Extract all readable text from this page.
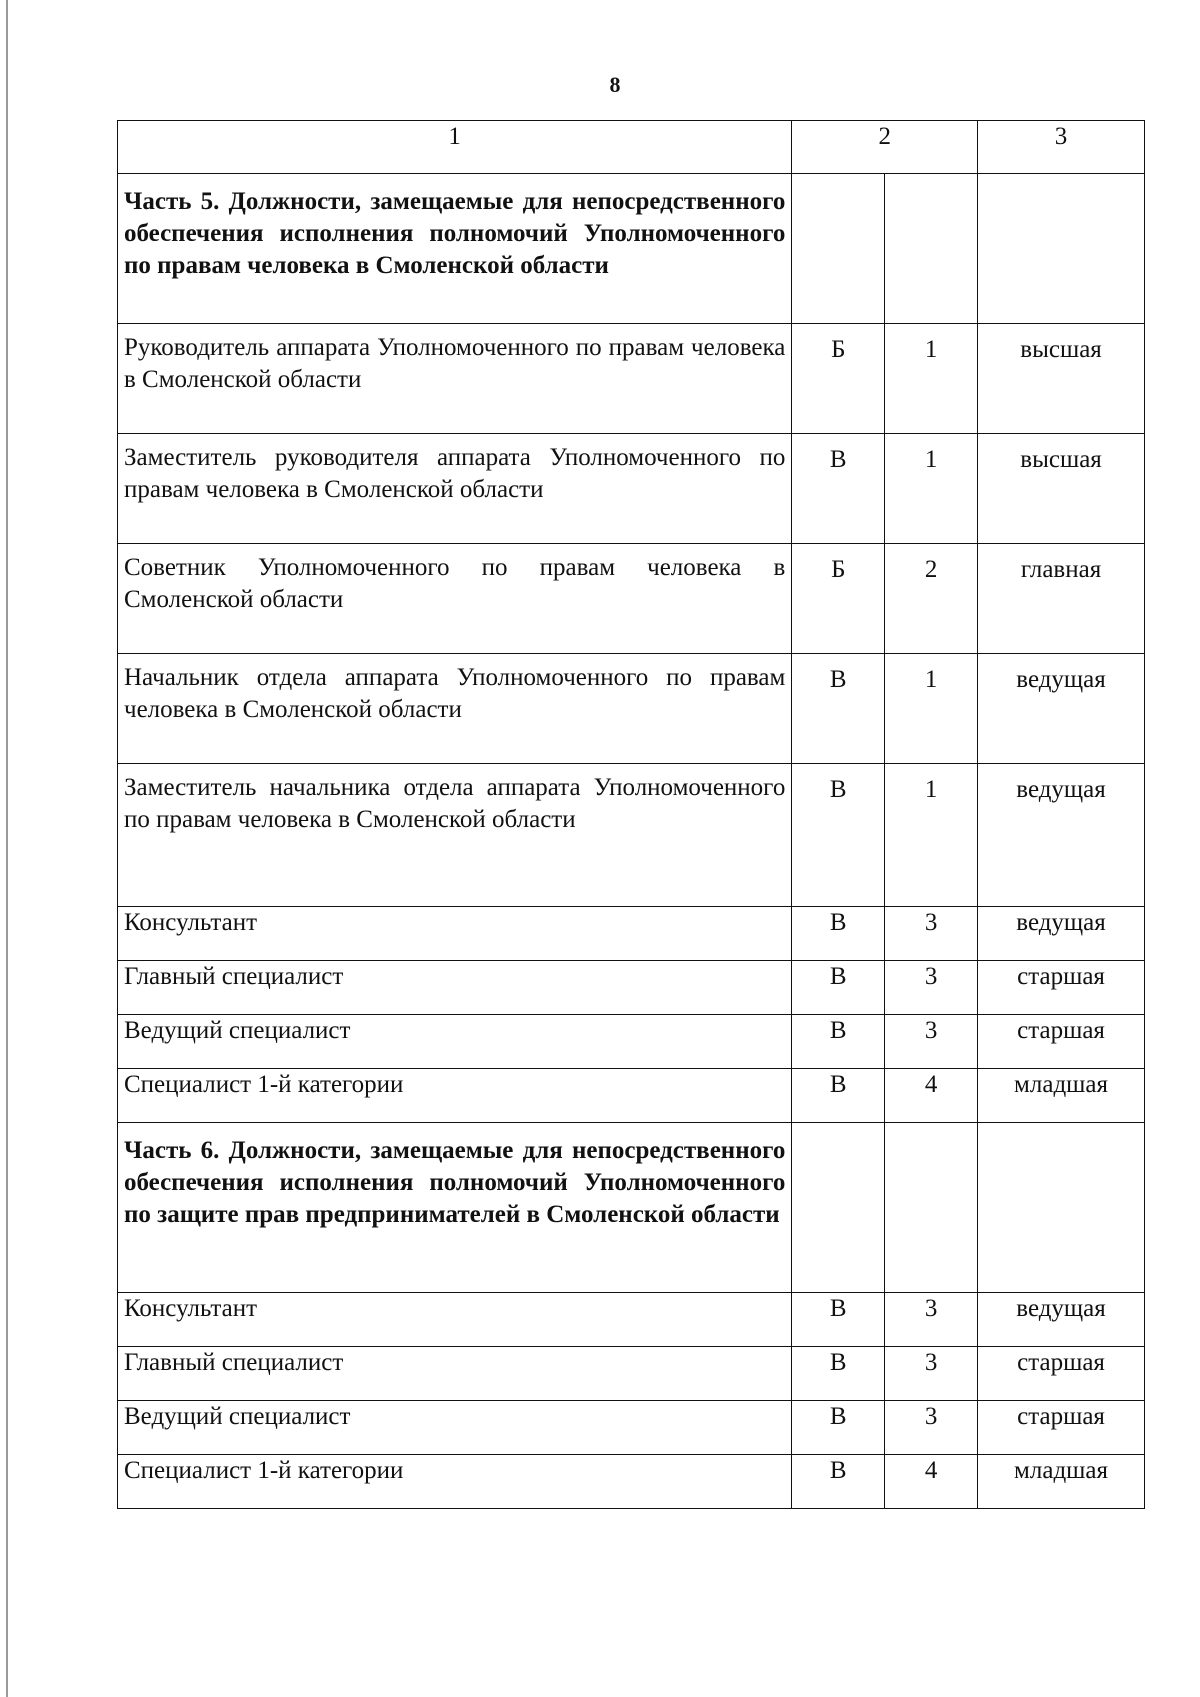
8
1	2		3
Часть 5. Должности, замещаемые для непосредственного обеспечения исполнения полномочий Уполномоченного по правам человека в Смоленской области			
Руководитель аппарата Уполномоченного по правам человека в Смоленской области	Б	1	высшая
Заместитель руководителя аппарата Уполномоченного по правам человека в Смоленской области	В	1	высшая
Советник Уполномоченного по правам человека в Смоленской области	Б	2	главная
Начальник отдела аппарата Уполномоченного по правам человека в Смоленской области	В	1	ведущая
Заместитель начальника отдела аппарата Уполномоченного по правам человека в Смоленской области	В	1	ведущая
Консультант	В	3	ведущая
Главный специалист	В	3	старшая
Ведущий специалист	В	3	старшая
Специалист 1-й категории	В	4	младшая
Часть 6. Должности, замещаемые для непосредственного обеспечения исполнения полномочий Уполномоченного по защите прав предпринимателей в Смоленской области			
Консультант	В	3	ведущая
Главный специалист	В	3	старшая
Ведущий специалист	В	3	старшая
Специалист 1-й категории	В	4	младшая
